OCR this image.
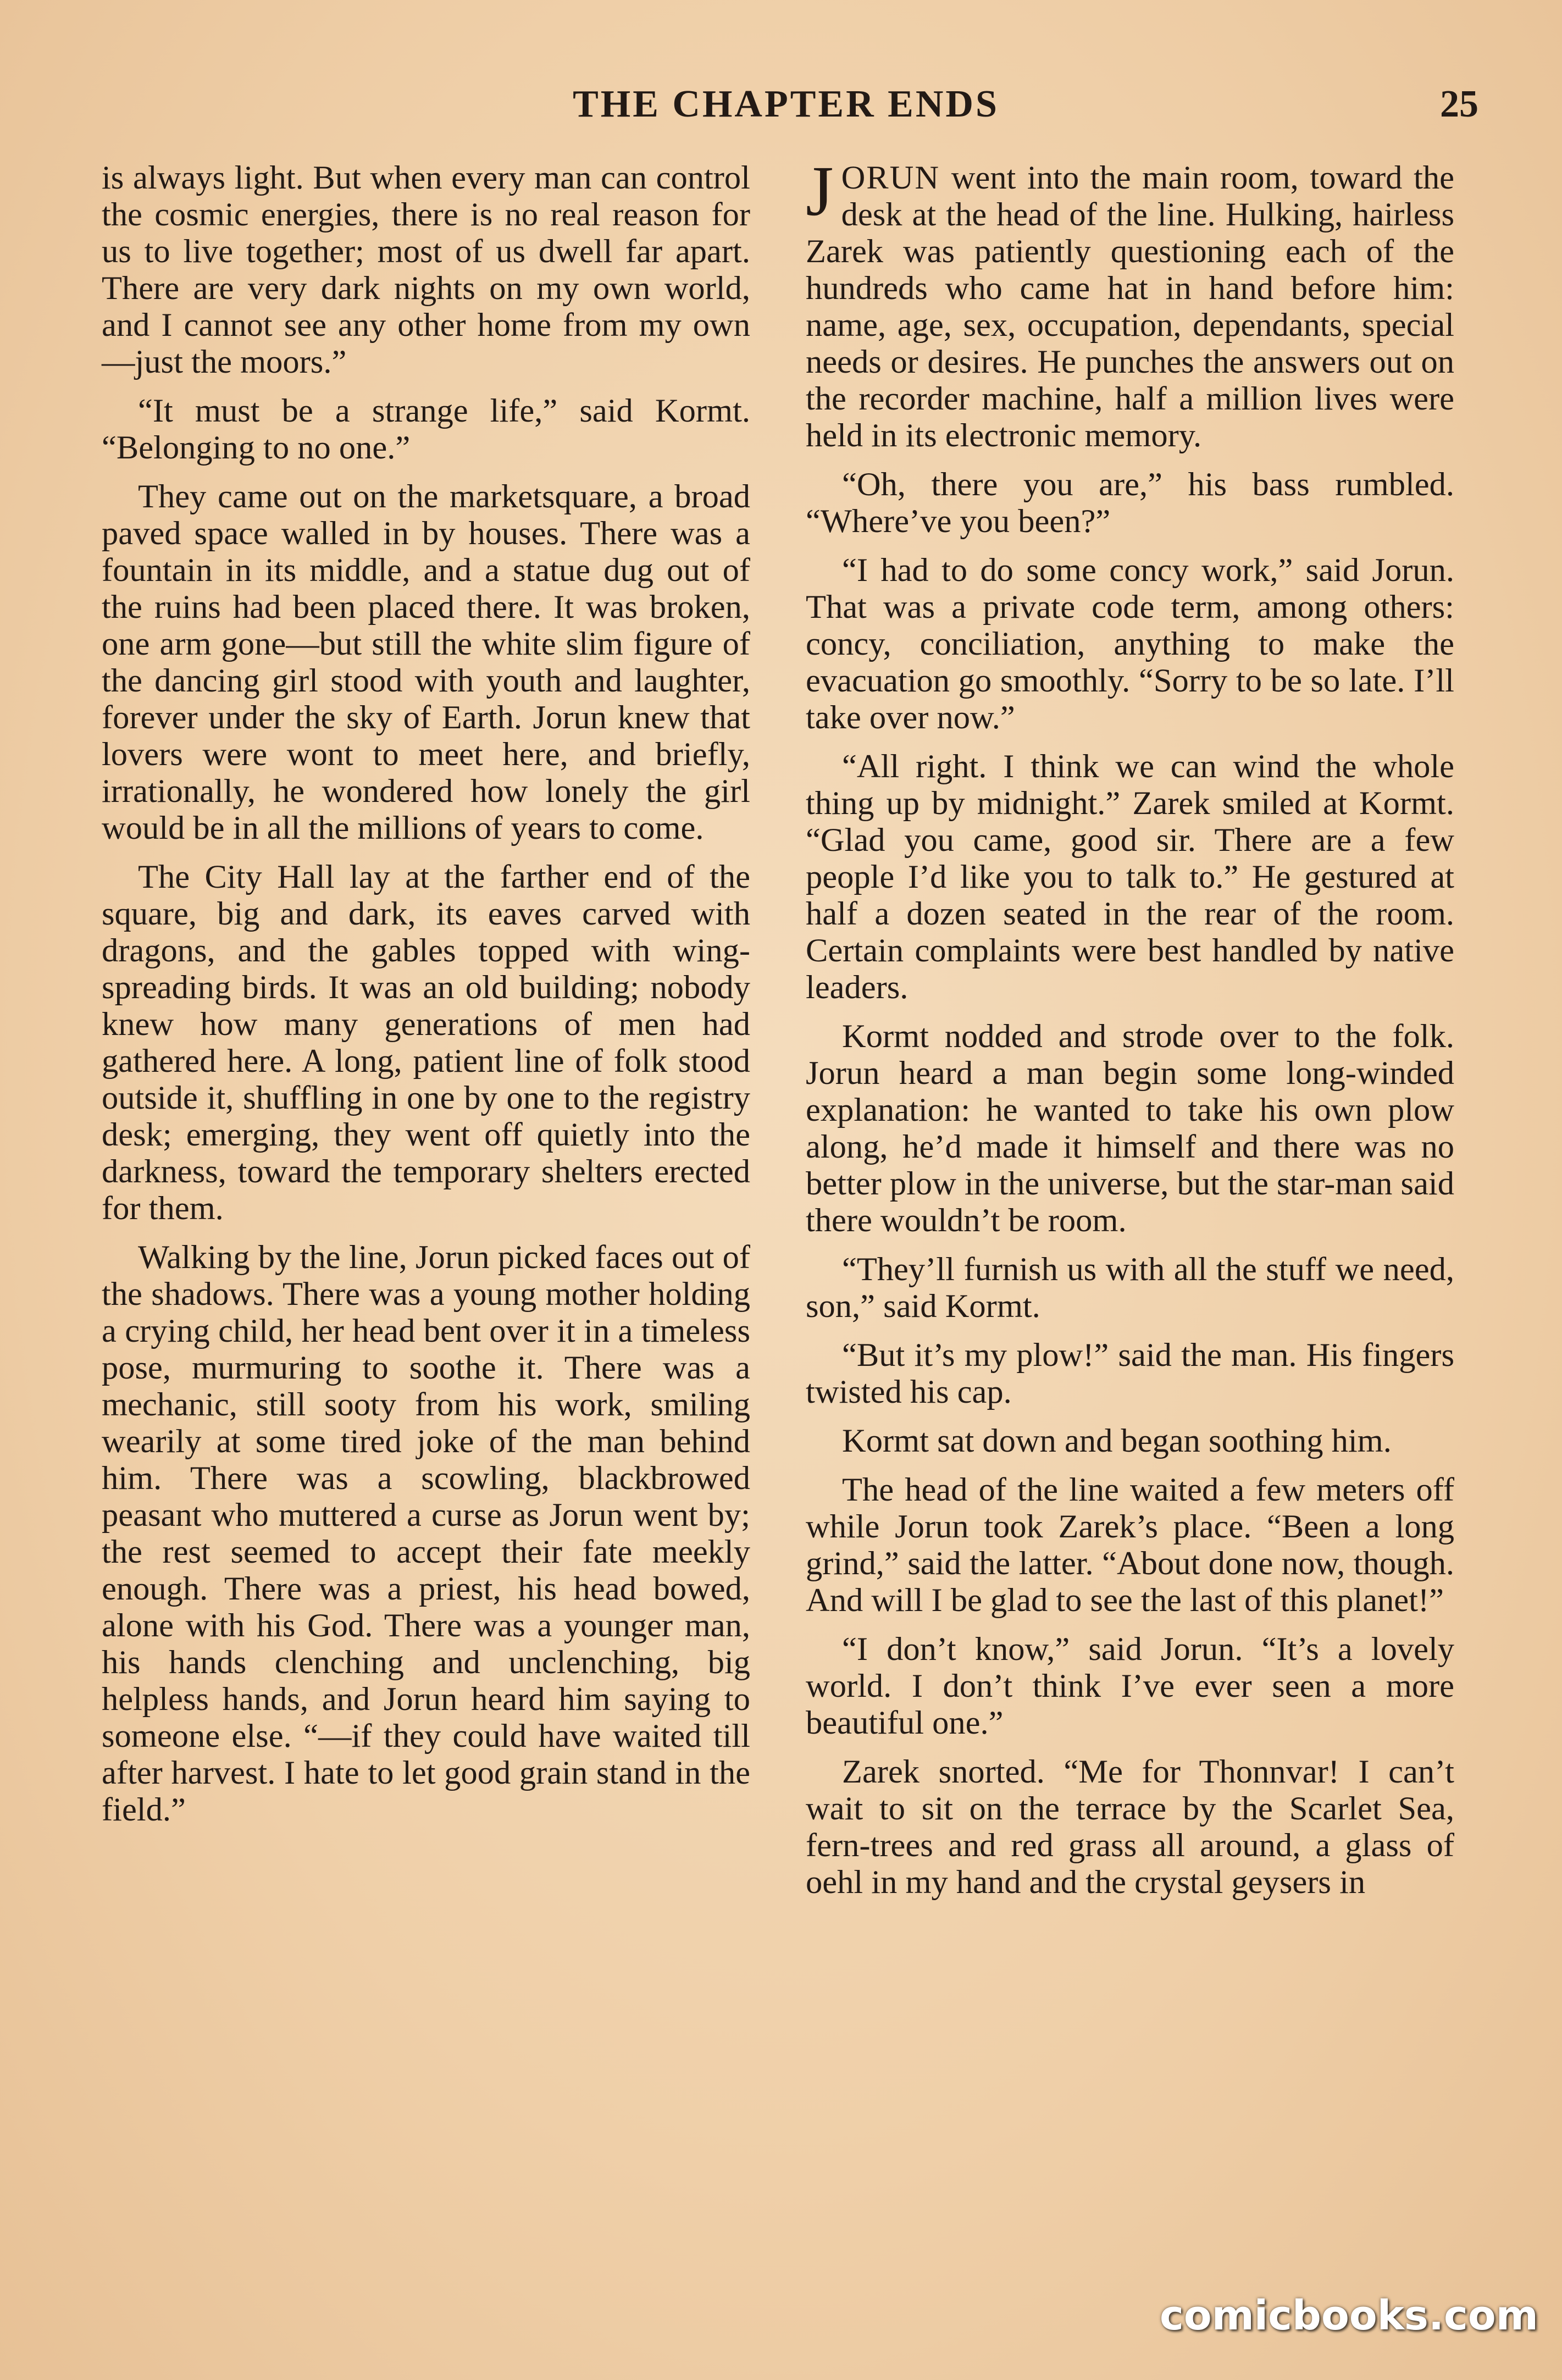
THE CHAPTER ENDS	25

is always light. But when every man can control the cosmic energies, there is no real reason for us to live together; most of us dwell far apart. There are very dark nights on my own world, and I cannot see any other home from my own—just the moors.”

“It must be a strange life,” said Kormt. “Belonging to no one.”

They came out on the marketsquare, a broad paved space walled in by houses. There was a fountain in its middle, and a statue dug out of the ruins had been placed there. It was broken, one arm gone—but still the white slim figure of the dancing girl stood with youth and laughter, forever under the sky of Earth. Jorun knew that lovers were wont to meet here, and briefly, irrationally, he wondered how lonely the girl would be in all the millions of years to come.

The City Hall lay at the farther end of the square, big and dark, its eaves carved with dragons, and the gables topped with wing-spreading birds. It was an old building; nobody knew how many generations of men had gathered here. A long, patient line of folk stood outside it, shuffling in one by one to the registry desk; emerging, they went off quietly into the darkness, toward the temporary shelters erected for them.

Walking by the line, Jorun picked faces out of the shadows. There was a young mother holding a crying child, her head bent over it in a timeless pose, murmuring to soothe it. There was a mechanic, still sooty from his work, smiling wearily at some tired joke of the man behind him. There was a scowling, blackbrowed peasant who muttered a curse as Jorun went by; the rest seemed to accept their fate meekly enough. There was a priest, his head bowed, alone with his God. There was a younger man, his hands clenching and unclenching, big helpless hands, and Jorun heard him saying to someone else. “—if they could have waited till after harvest. I hate to let good grain stand in the field.”

JORUN went into the main room, toward the desk at the head of the line. Hulking, hairless Zarek was patiently questioning each of the hundreds who came hat in hand before him: name, age, sex, occupation, dependants, special needs or desires. He punches the answers out on the recorder machine, half a million lives were held in its electronic memory.

“Oh, there you are,” his bass rumbled. “Where’ve you been?”

“I had to do some concy work,” said Jorun. That was a private code term, among others: concy, conciliation, anything to make the evacuation go smoothly. “Sorry to be so late. I’ll take over now.”

“All right. I think we can wind the whole thing up by midnight.” Zarek smiled at Kormt. “Glad you came, good sir. There are a few people I’d like you to talk to.” He gestured at half a dozen seated in the rear of the room. Certain complaints were best handled by native leaders.

Kormt nodded and strode over to the folk. Jorun heard a man begin some long-winded explanation: he wanted to take his own plow along, he’d made it himself and there was no better plow in the universe, but the star-man said there wouldn’t be room.

“They’ll furnish us with all the stuff we need, son,” said Kormt.

“But it’s my plow!” said the man. His fingers twisted his cap.

Kormt sat down and began soothing him.

The head of the line waited a few meters off while Jorun took Zarek’s place. “Been a long grind,” said the latter. “About done now, though. And will I be glad to see the last of this planet!”

“I don’t know,” said Jorun. “It’s a lovely world. I don’t think I’ve ever seen a more beautiful one.”

Zarek snorted. “Me for Thonnvar! I can’t wait to sit on the terrace by the Scarlet Sea, fern-trees and red grass all around, a glass of oehl in my hand and the crystal geysers in

comicbooks.com
